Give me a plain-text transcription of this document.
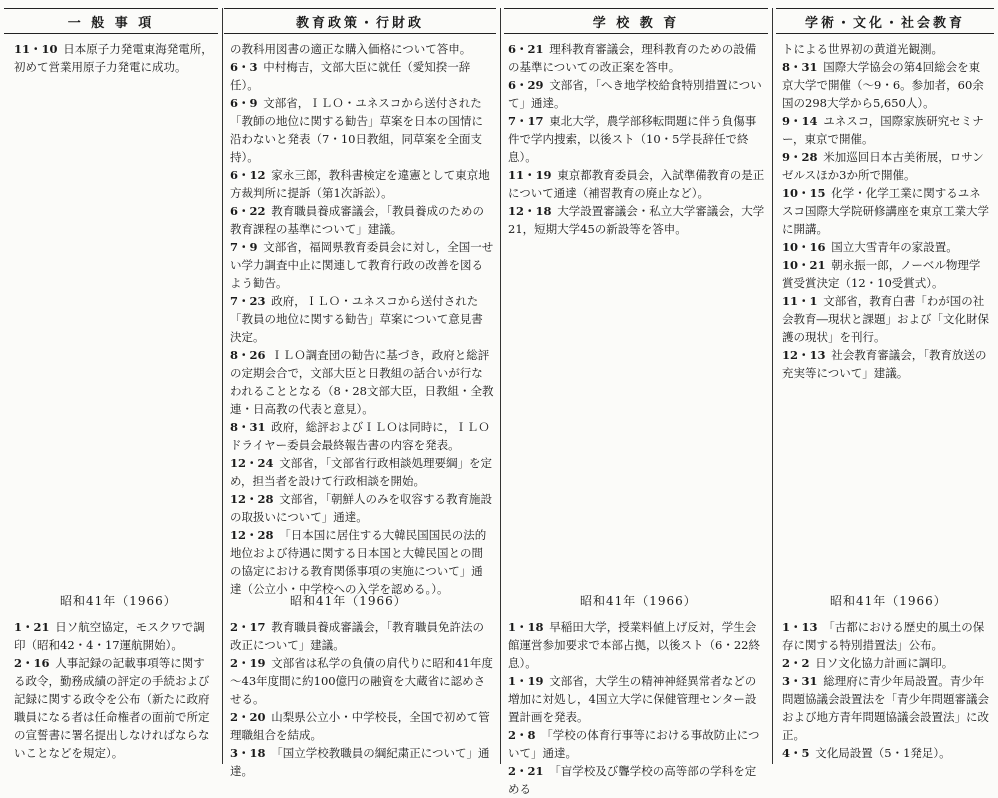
一 般 事 項	教育政策・行財政	学 校 教 育	学術・文化・社会教育
11・10  日本原子力発電東海発電所，初めて営業用原子力発電に成功。
の教科用図書の適正な購入価格について答申。
6・3  中村梅吉，文部大臣に就任（愛知揆一辞任）。
6・9  文部省，ＩＬＯ・ユネスコから送付された「教師の地位に関する勧告」草案を日本の国情に沿わないと発表（7・10日教組，同草案を全面支持）。
6・12  家永三郎，教科書検定を違憲として東京地方裁判所に提訴（第1次訴訟）。
6・22  教育職員養成審議会，「教員養成のための教育課程の基準について」建議。
7・9  文部省，福岡県教育委員会に対し，全国一せい学力調査中止に関連して教育行政の改善を図るよう勧告。
7・23  政府，ＩＬＯ・ユネスコから送付された「教員の地位に関する勧告」草案について意見書決定。
8・26  ＩＬＯ調査団の勧告に基づき，政府と総評の定期会合で，文部大臣と日教組の話合いが行なわれることとなる（8・28文部大臣，日教組・全教連・日高教の代表と意見）。
8・31  政府，総評およびＩＬＯは同時に，ＩＬＯドライヤー委員会最終報告書の内容を発表。
12・24  文部省，「文部省行政相談処理要綱」を定め，担当者を設けて行政相談を開始。
12・28  文部省，「朝鮮人のみを収容する教育施設の取扱いについて」通達。
12・28  「日本国に居住する大韓民国国民の法的地位および待遇に関する日本国と大韓民国との間の協定における教育関係事項の実施について」通達（公立小・中学校への入学を認める。）。
6・21  理科教育審議会，理科教育のための設備の基準についての改正案を答申。
6・29  文部省，「へき地学校給食特別措置について」通達。
7・17  東北大学，農学部移転問題に伴う負傷事件で学内捜索，以後スト（10・5学長辞任で終息）。
11・19  東京都教育委員会，入試準備教育の是正について通達（補習教育の廃止など）。
12・18  大学設置審議会・私立大学審議会，大学21，短期大学45の新設等を答申。
トによる世界初の黄道光観測。
8・31  国際大学協会の第4回総会を東京大学で開催（～9・6。参加者，60余国の298大学から5,650人）。
9・14  ユネスコ，国際家族研究セミナー，東京で開催。
9・28  米加巡回日本古美術展，ロサンゼルスほか3か所で開催。
10・15  化学・化学工業に関するユネスコ国際大学院研修講座を東京工業大学に開講。
10・16  国立大雪青年の家設置。
10・21  朝永振一郎，ノーベル物理学賞受賞決定（12・10受賞式）。
11・1  文部省，教育白書「わが国の社会教育―現状と課題」および「文化財保護の現状」を刊行。
12・13  社会教育審議会，「教育放送の充実等について」建議。
昭和41年（1966）	昭和41年（1966）	昭和41年（1966）	昭和41年（1966）
1・21  日ソ航空協定，モスクワで調印（昭和42・4・17運航開始）。
2・16  人事記録の記載事項等に関する政令，勤務成績の評定の手続および記録に関する政令を公布（新たに政府職員になる者は任命権者の面前で所定の宣誓書に署名提出しなければならないことなどを規定）。
2・17  教育職員養成審議会，「教育職員免許法の改正について」建議。
2・19  文部省は私学の負債の肩代りに昭和41年度～43年度間に約100億円の融資を大蔵省に認めさせる。
2・20  山梨県公立小・中学校長，全国で初めて管理職組合を結成。
3・18  「国立学校教職員の綱紀粛正について」通達。
1・18  早稲田大学，授業料値上げ反対，学生会館運営参加要求で本部占拠，以後スト（6・22終息）。
1・19  文部省，大学生の精神神経異常者などの増加に対処し，4国立大学に保健管理センター設置計画を発表。
2・8  「学校の体育行事等における事故防止について」通達。
2・21  「盲学校及び聾学校の高等部の学科を定める
1・13  「古都における歴史的風土の保存に関する特別措置法」公布。
2・2  日ソ文化協力計画に調印。
3・31  総理府に青少年局設置。青少年問題協議会設置法を「青少年問題審議会および地方青年問題協議会設置法」に改正。
4・5  文化局設置（5・1発足）。
